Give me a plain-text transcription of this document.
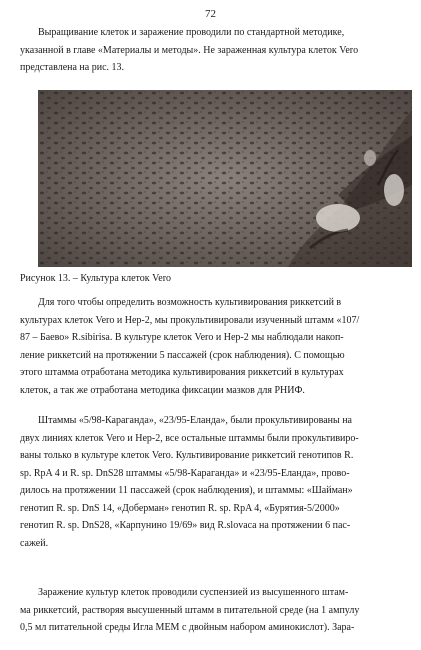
72
Выращивание клеток и заражение проводили по стандартной методике,
указанной в главе «Материалы и методы». Не зараженная культура клеток Vero
представлена на рис. 13.
Рисунок 13. – Культура клеток Vero
Для того чтобы определить возможность культивирования риккетсий в
культурах клеток Vero и Hep-2, мы прокультивировали изученный штамм «107/
87 – Баево» R.sibirisa. В культуре клеток Vero и Hep-2 мы наблюдали накоп-
ление риккетсий на протяжении 5 пассажей (срок наблюдения). С помощью
этого штамма отработана методика культивирования риккетсий в культурах
клеток, а так же отработана методика фиксации мазков для РНИФ.
Штаммы «5/98-Караганда», «23/95-Еланда», были прокультивированы на
двух линиях клеток Vero и Hep-2, все остальные штаммы были прокультивиро-
ваны только в культуре клеток Vero. Культивирование риккетсий генотипов R.
sp. RpA 4 и R. sp. DnS28 штаммы «5/98-Караганда» и «23/95-Еланда», прово-
дилось на протяжении 11 пассажей (срок наблюдения), и штаммы: «Шайман»
генотип R. sp. DnS 14, «Доберман» генотип R. sp. RpA 4, «Бурятия-5/2000»
генотип R. sp. DnS28, «Карпунино 19/69» вид R.slovaca на протяжении 6 пас-
сажей.
Заражение культур клеток проводили суспензией из высушенного штам-
ма риккетсий, растворяя высушенный штамм в питательной среде (на 1 ампулу
0,5 мл питательной среды Игла MEM с двойным набором аминокислот). Зара-
